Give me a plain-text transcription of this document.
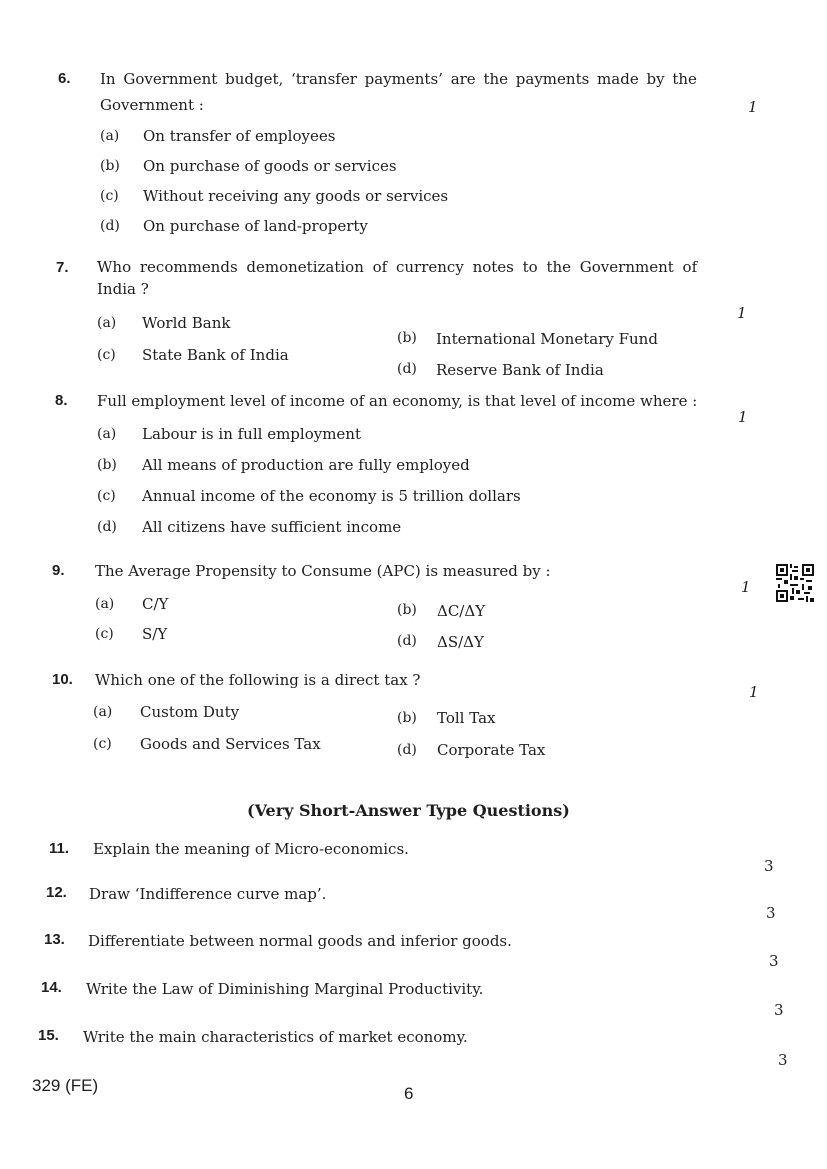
6. In Government budget, ‘transfer payments’ are the payments made by the
Government :	1
(a) On transfer of employees
(b) On purchase of goods or services
(c) Without receiving any goods or services
(d) On purchase of land-property
7. Who recommends demonetization of currency notes to the Government of
India ?
1
(a) World Bank
(b) International Monetary Fund
(c) State Bank of India
(d) Reserve Bank of India
8. Full employment level of income of an economy, is that level of income where :
1
(a) Labour is in full employment
(b) All means of production are fully employed
(c) Annual income of the economy is 5 trillion dollars
(d) All citizens have sufficient income
9. The Average Propensity to Consume (APC) is measured by :
1
(a) C/Y	(b) ΔC/ΔY
(c) S/Y	(d) ΔS/ΔY
10. Which one of the following is a direct tax ?
1
(a) Custom Duty	(b) Toll Tax
(c) Goods and Services Tax	(d) Corporate Tax
(Very Short-Answer Type Questions)
11. Explain the meaning of Micro-economics.
3
12. Draw ‘Indifference curve map’.
3
13. Differentiate between normal goods and inferior goods.
3
14. Write the Law of Diminishing Marginal Productivity.
3
15. Write the main characteristics of market economy.
3
329 (FE)	6
